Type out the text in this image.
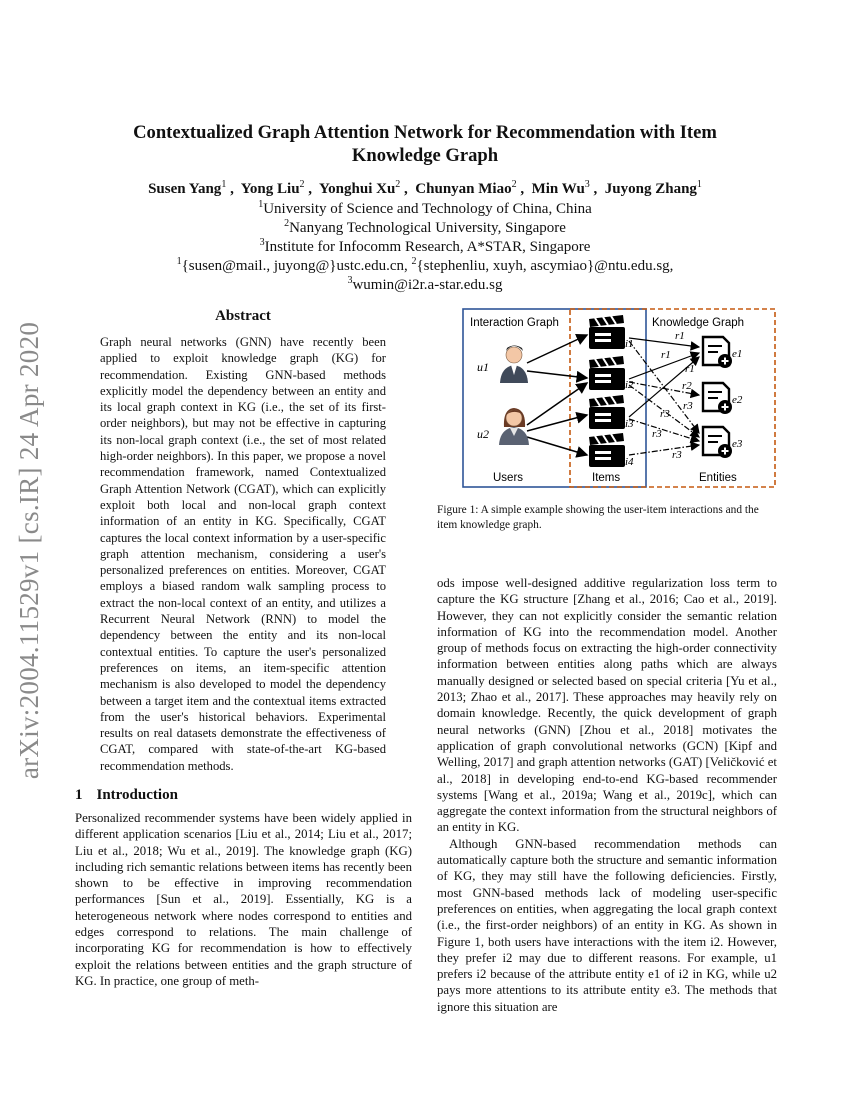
arXiv:2004.11529v1 [cs.IR] 24 Apr 2020
Contextualized Graph Attention Network for Recommendation with Item
Knowledge Graph
Susen Yang$^1$ ,  Yong Liu$^2$ ,  Yonghui Xu$^2$ ,  Chunyan Miao$^2$ ,  Min Wu$^3$ ,  Juyong Zhang$^1$
$^1$University of Science and Technology of China, China
$^2$Nanyang Technological University, Singapore
$^3$Institute for Infocomm Research, A*STAR, Singapore
$^1${susen@mail., juyong@}ustc.edu.cn, $^2${stephenliu, xuyh, ascymiao}@ntu.edu.sg,
$^3$wumin@i2r.a-star.edu.sg
Abstract
Graph neural networks (GNN) have recently been applied to exploit knowledge graph (KG) for recommendation. Existing GNN-based methods explicitly model the dependency between an entity and its local graph context in KG (i.e., the set of its first-order neighbors), but may not be effective in capturing its non-local graph context (i.e., the set of most related high-order neighbors). In this paper, we propose a novel recommendation framework, named Contextualized Graph Attention Network (CGAT), which can explicitly exploit both local and non-local graph context information of an entity in KG. Specifically, CGAT captures the local context information by a user-specific graph attention mechanism, considering a user's personalized preferences on entities. Moreover, CGAT employs a biased random walk sampling process to extract the non-local context of an entity, and utilizes a Recurrent Neural Network (RNN) to model the dependency between the entity and its non-local contextual entities. To capture the user's personalized preferences on items, an item-specific attention mechanism is also developed to model the dependency between a target item and the contextual items extracted from the user's historical behaviors. Experimental results on real datasets demonstrate the effectiveness of CGAT, compared with state-of-the-art KG-based recommendation methods.
1 Introduction

Personalized recommender systems have been widely applied in different application scenarios [Liu et al., 2014; Liu et al., 2017; Liu et al., 2018; Wu et al., 2019]. The knowledge graph (KG) including rich semantic relations between items has recently been shown to be effective in improving recommendation performances [Sun et al., 2019]. Essentially, KG is a heterogeneous network where nodes correspond to entities and edges correspond to relations. The main challenge of incorporating KG for recommendation is how to effectively exploit the relations between entities and the graph structure of KG. In practice, one group of meth-

Interaction Graph	Knowledge Graph
Users	Items	Entities
r1
r1
r1
r2
r3
r3
r3
r3
u1
u2
i1
i2
i3
i4
e1
e2
e3
Figure 1: A simple example showing the user-item interactions and the item knowledge graph.

ods impose well-designed additive regularization loss term to capture the KG structure [Zhang et al., 2016; Cao et al., 2019]. However, they can not explicitly consider the semantic relation information of KG into the recommendation model. Another group of methods focus on extracting the high-order connectivity information between entities along paths which are always manually designed or selected based on special criteria [Yu et al., 2013; Zhao et al., 2017]. These approaches may heavily rely on domain knowledge. Recently, the quick development of graph neural networks (GNN) [Zhou et al., 2018] motivates the application of graph convolutional networks (GCN) [Kipf and Welling, 2017] and graph attention networks (GAT) [Veličković et al., 2018] in developing end-to-end KG-based recommender systems [Wang et al., 2019a; Wang et al., 2019c], which can aggregate the context information from the structural neighbors of an entity in KG.

Although GNN-based recommendation methods can automatically capture both the structure and semantic information of KG, they may still have the following deficiencies. Firstly, most GNN-based methods lack of modeling user-specific preferences on entities, when aggregating the local graph context (i.e., the first-order neighbors) of an entity in KG. As shown in Figure 1, both users have interactions with the item i2. However, they prefer i2 may due to different reasons. For example, u1 prefers i2 because of the attribute entity e1 of i2 in KG, while u2 pays more attentions to its attribute entity e3. The methods that ignore this situation are
